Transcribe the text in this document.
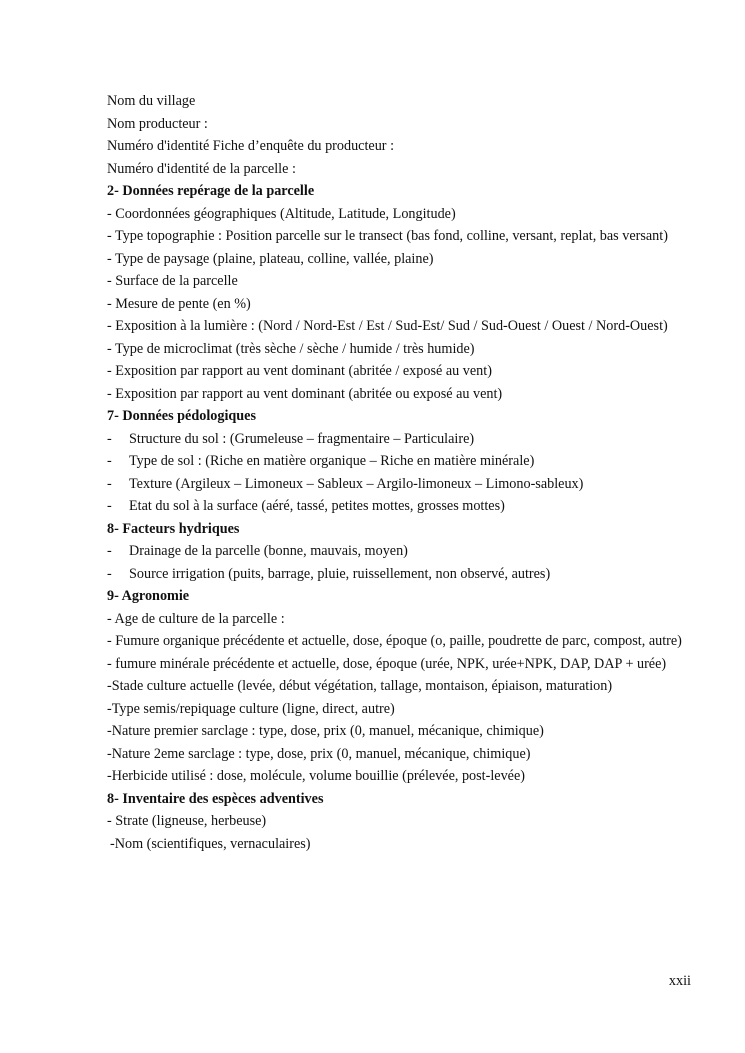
Nom du village

Nom producteur :

Numéro d'identité Fiche d’enquête du producteur :

Numéro d'identité de la parcelle :

2- Données repérage de la parcelle

- Coordonnées géographiques (Altitude, Latitude, Longitude)

- Type topographie : Position parcelle sur le transect (bas fond, colline, versant, replat, bas versant)

- Type de paysage (plaine, plateau, colline, vallée, plaine)

- Surface de la parcelle

- Mesure de pente (en %)

- Exposition à la lumière : (Nord / Nord-Est / Est / Sud-Est/ Sud / Sud-Ouest / Ouest / Nord-Ouest)

- Type de microclimat (très sèche / sèche / humide / très humide)

- Exposition par rapport au vent dominant (abritée / exposé au vent)

- Exposition par rapport au vent dominant (abritée ou exposé au vent)

7- Données pédologiques

-	Structure du sol : (Grumeleuse – fragmentaire – Particulaire)
-	Type de sol : (Riche en matière organique – Riche en matière minérale)
-	Texture (Argileux – Limoneux – Sableux – Argilo-limoneux – Limono-sableux)
-	Etat du sol à la surface (aéré, tassé, petites mottes, grosses mottes)

8- Facteurs hydriques

-	Drainage de la parcelle (bonne, mauvais, moyen)
-	Source irrigation (puits, barrage, pluie, ruissellement, non observé, autres)

9- Agronomie

- Age de culture de la parcelle :

- Fumure organique précédente et actuelle, dose, époque (o, paille, poudrette de parc, compost, autre)

- fumure minérale précédente et actuelle, dose, époque (urée, NPK, urée+NPK, DAP, DAP + urée)

-Stade culture actuelle (levée, début végétation, tallage, montaison, épiaison, maturation)

-Type semis/repiquage culture (ligne, direct, autre)

-Nature premier sarclage : type, dose, prix (0, manuel, mécanique, chimique)

-Nature 2eme sarclage : type, dose, prix (0, manuel, mécanique, chimique)

-Herbicide utilisé : dose, molécule, volume bouillie (prélevée, post-levée)

8- Inventaire des espèces adventives

- Strate (ligneuse, herbeuse)

-Nom (scientifiques, vernaculaires)

xxii
